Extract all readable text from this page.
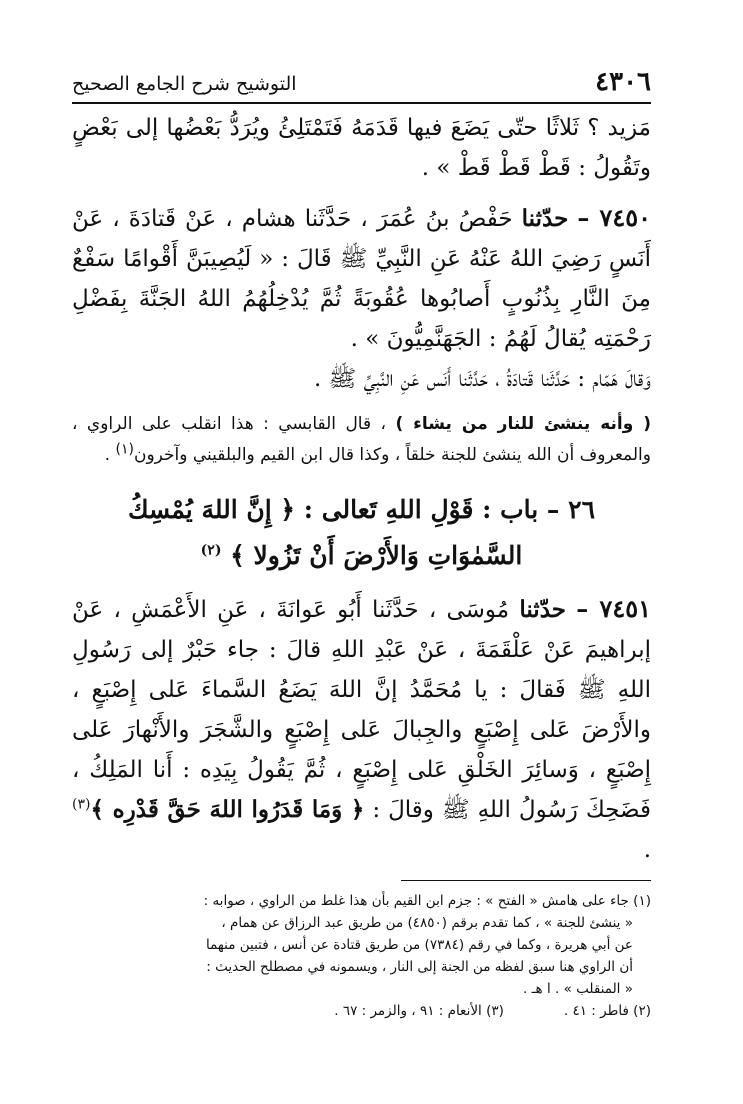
٤٣٠٦
التوشيح شرح الجامع الصحيح

مَزيد ؟ ثَلاثًا حتّى يَضَعَ فيها قَدَمَهُ فَتَمْتَلِئُ ويُرَدُّ بَعْضُها إلى بَعْضٍ وتَقُولُ : قَطْ قَطْ قَطْ » .

٧٤٥٠ – حدّثنا حَفْصُ بنُ عُمَرَ ، حَدَّثَنا هشام ، عَنْ قَتادَةَ ، عَنْ أَنَسٍ رَضِيَ اللهُ عَنْهُ عَنِ النَّبِيِّ ﷺ قَالَ : « لَيُصِيبَنَّ أَقْوامًا سَفْعٌ مِنَ النَّارِ بِذُنُوبٍ أَصابُوها عُقُوبَةً ثُمَّ يُدْخِلُهُمُ اللهُ الجَنَّةَ بِفَضْلِ رَحْمَتِه يُقالُ لَهُمُ : الجَهَنَّمِيُّونَ » .

وَقالَ هَمّام : حَدَّثَنا قَتادَةُ ، حَدَّثَنا أَنَس عَنِ النَّبِيِّ ﷺ .

( وأنه ينشئ للنار من يشاء ) ، قال القابسي : هذا انقلب على الراوي ، والمعروف أن الله ينشئ للجنة خلقاً ، وكذا قال ابن القيم والبلقيني وآخرون$^{(١)}$ .

٢٦ – باب : قَوْلِ اللهِ تَعالى : ﴿ إِنَّ اللهَ يُمْسِكُ
السَّمٰوَاتِ وَالأَرْضَ أَنْ تَزُولا ﴾ $^{(٢)}$

٧٤٥١ – حدّثنا مُوسَى ، حَدَّثَنا أَبُو عَوانَةَ ، عَنِ الأَعْمَشِ ، عَنْ إبراهيمَ عَنْ عَلْقَمَةَ ، عَنْ عَبْدِ اللهِ قالَ : جاء حَبْرٌ إلى رَسُولِ اللهِ ﷺ فَقالَ : يا مُحَمَّدُ إنَّ اللهَ يَضَعُ السَّماءَ عَلى إِصْبَعٍ ، والأَرْضَ عَلى إِصْبَعٍ والجِبالَ عَلى إِصْبَعٍ والشَّجَرَ والأَنْهارَ عَلى إِصْبَعٍ ، وَسائِرَ الخَلْقِ عَلى إِصْبَعٍ ، ثُمَّ يَقُولُ بِيَدِه : أَنا المَلِكُ ، فَضَحِكَ رَسُولُ اللهِ ﷺ وقالَ : ﴿ وَمَا قَدَرُوا اللهَ حَقَّ قَدْرِه ﴾$^{(٣)}$ .

(١) جاء على هامش « الفتح » : جزم ابن القيم بأن هذا غلط من الراوي ، صوابه :

« ينشئ للجنة » ، كما تقدم برقم (٤٨٥٠) من طريق عبد الرزاق عن همام ،

عن أبي هريرة ، وكما في رقم (٧٣٨٤) من طريق قتادة عن أنس ، فتبين منهما

أن الراوي هنا سبق لفظه من الجنة إلى النار ، ويسمونه في مصطلح الحديث :

« المنقلب » . ا هـ .

(٢) فاطر : ٤١ .
(٣) الأنعام : ٩١ ، والزمر : ٦٧ .
